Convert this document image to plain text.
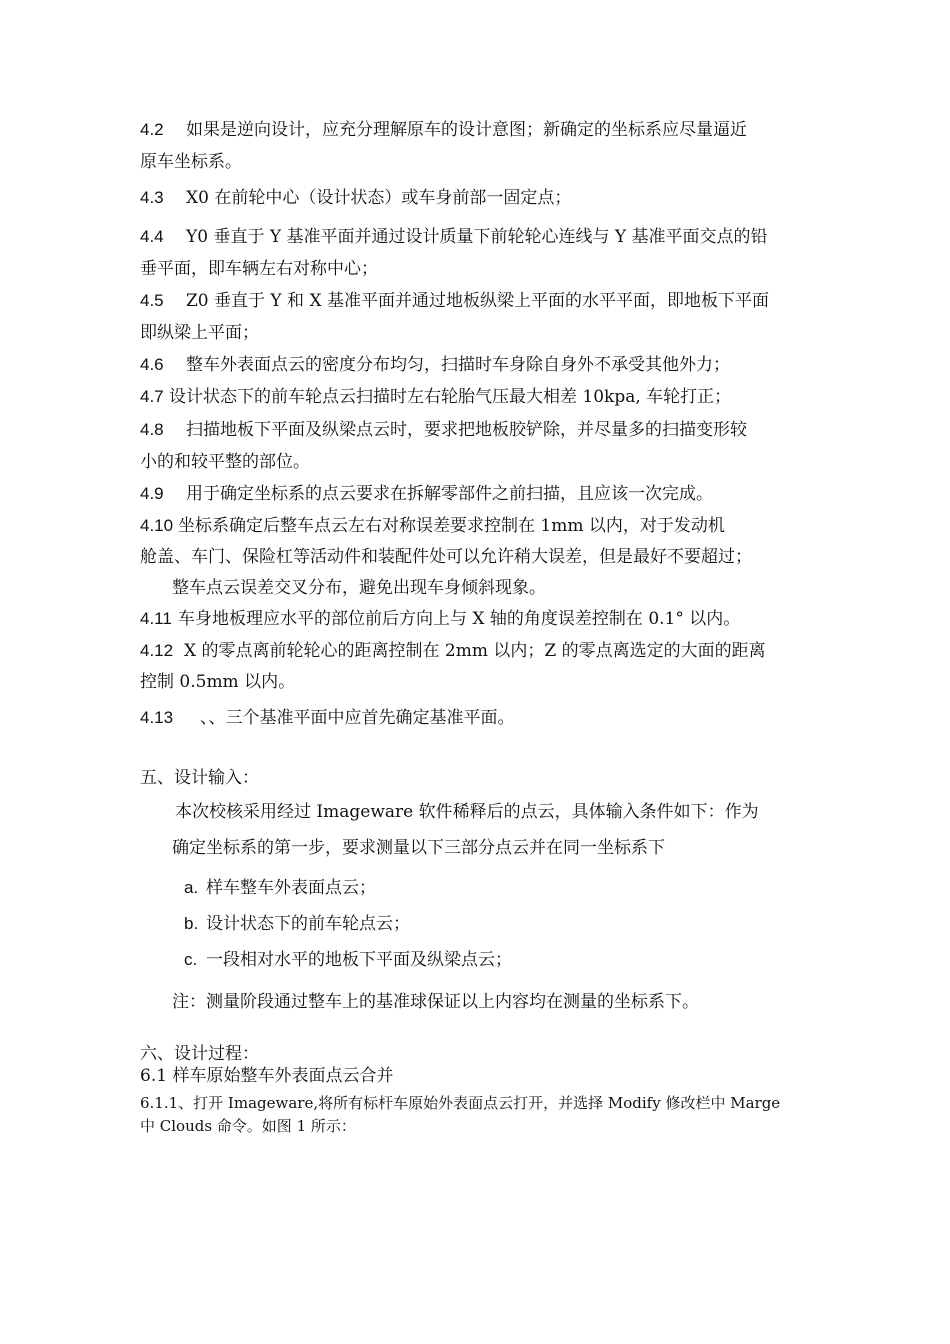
4.2 如果是逆向设计，应充分理解原车的设计意图；新确定的坐标系应尽量逼近
原车坐标系。
4.3 X0 在前轮中心（设计状态）或车身前部一固定点；
4.4 Y0 垂直于 Y 基准平面并通过设计质量下前轮轮心连线与 Y 基准平面交点的铅
垂平面，即车辆左右对称中心；
4.5 Z0 垂直于 Y 和 X 基准平面并通过地板纵梁上平面的水平平面，即地板下平面
即纵梁上平面；
4.6 整车外表面点云的密度分布均匀，扫描时车身除自身外不承受其他外力；
4.7 设计状态下的前车轮点云扫描时左右轮胎气压最大相差 10kpa, 车轮打正；
4.8 扫描地板下平面及纵梁点云时，要求把地板胶铲除，并尽量多的扫描变形较
小的和较平整的部位。
4.9 用于确定坐标系的点云要求在拆解零部件之前扫描，且应该一次完成。
4.10 坐标系确定后整车点云左右对称误差要求控制在 1mm 以内，对于发动机
舱盖、车门、保险杠等活动件和装配件处可以允许稍大误差，但是最好不要超过；
整车点云误差交叉分布，避免出现车身倾斜现象。
4.11 车身地板理应水平的部位前后方向上与 X 轴的角度误差控制在 0.1° 以内。
4.12 X 的零点离前轮轮心的距离控制在 2mm 以内；Z 的零点离选定的大面的距离
控制 0.5mm 以内。
4.13 、、三个基准平面中应首先确定基准平面。
五、设计输入：
本次校核采用经过 Imageware 软件稀释后的点云，具体输入条件如下：作为
确定坐标系的第一步，要求测量以下三部分点云并在同一坐标系下
a. 样车整车外表面点云；
b. 设计状态下的前车轮点云；
c. 一段相对水平的地板下平面及纵梁点云；
注：测量阶段通过整车上的基准球保证以上内容均在测量的坐标系下。
六、设计过程：
6.1 样车原始整车外表面点云合并
6.1.1、打开 Imageware,将所有标杆车原始外表面点云打开，并选择 Modify 修改栏中 Marge
中 Clouds 命令。如图 1 所示：
